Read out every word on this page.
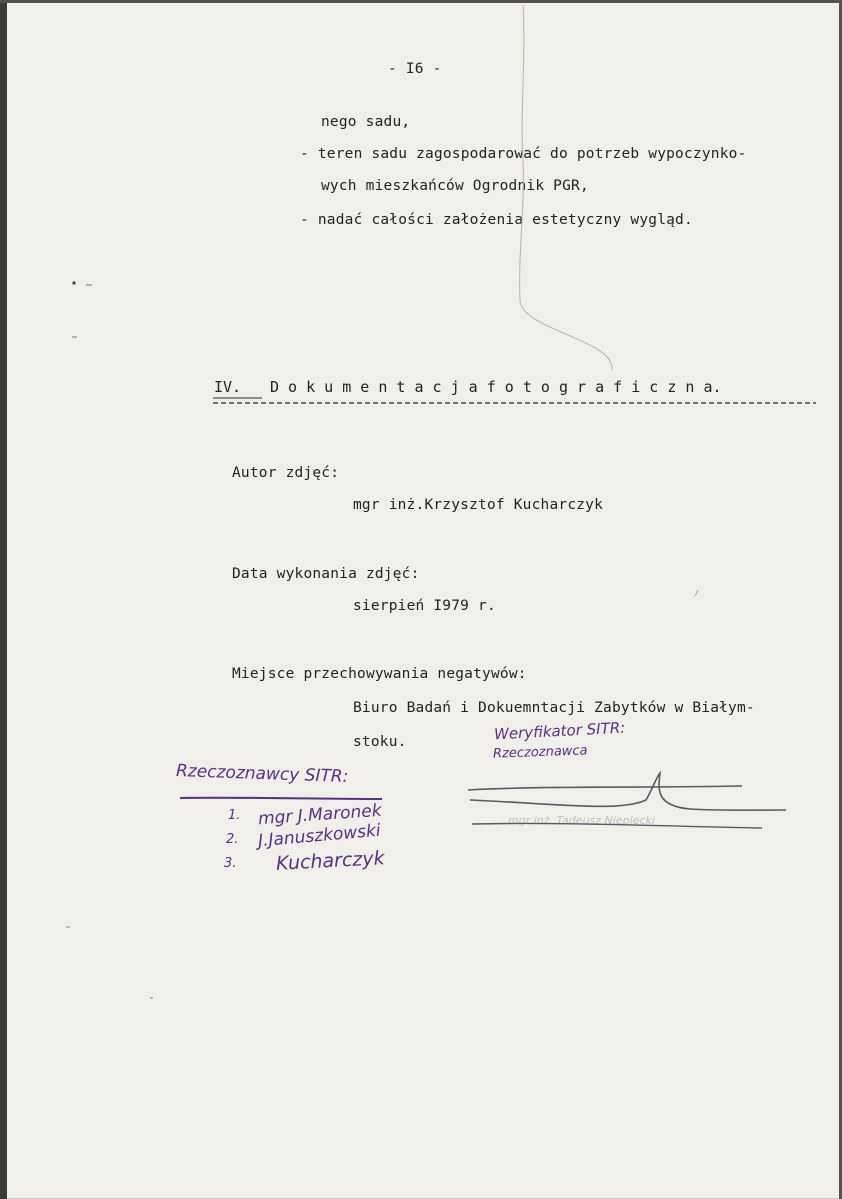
- I6 -
nego sadu,
- teren sadu zagospodarować do potrzeb wypoczynko-
wych mieszkańców Ogrodnik PGR,
- nadać całości założenia estetyczny wygląd.
IV. D o k u m e n t a c j a f o t o g r a f i c z n a.
Autor zdjęć:
mgr inż.Krzysztof Kucharczyk
Data wykonania zdjęć:
sierpień I979 r.
Miejsce przechowywania negatywów:
Biuro Badań i Dokuemntacji Zabytków w Białym-
stoku.	Weryfikator SITR:
Rzeczoznawca
Rzeczoznawcy SITR:
1. mgr J.Maronek
2. J.Januszkowski
3. Kucharczyk
mgr inż. Tadeusz Nieplecki
